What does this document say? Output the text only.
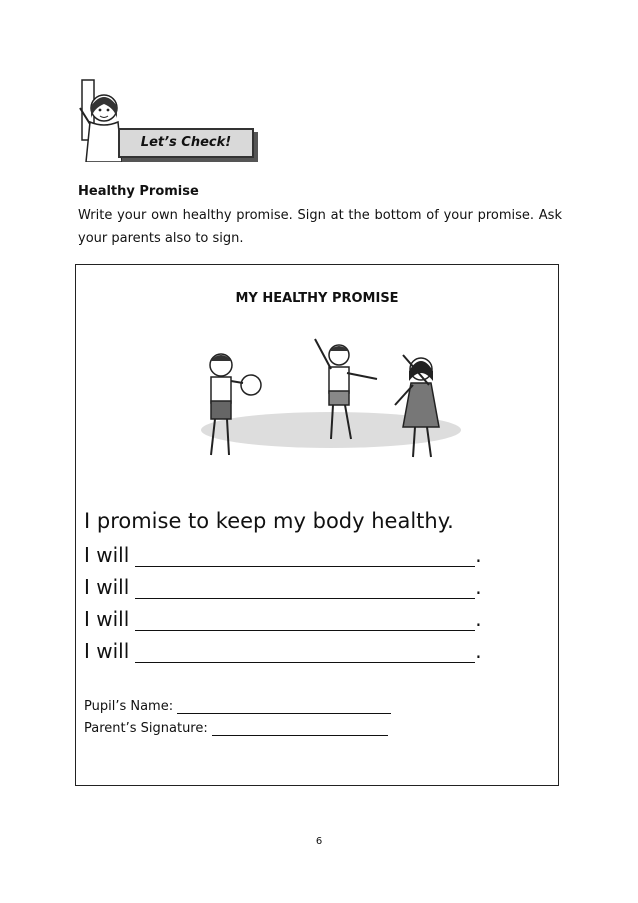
Let’s Check!
Healthy Promise
Write your own healthy promise. Sign at the bottom of your promise. Ask your parents also to sign.
MY HEALTHY PROMISE
I promise to keep my body healthy.
I will	.
I will	.
I will	.
I will	.
Pupil’s Name:
Parent’s Signature:
6
